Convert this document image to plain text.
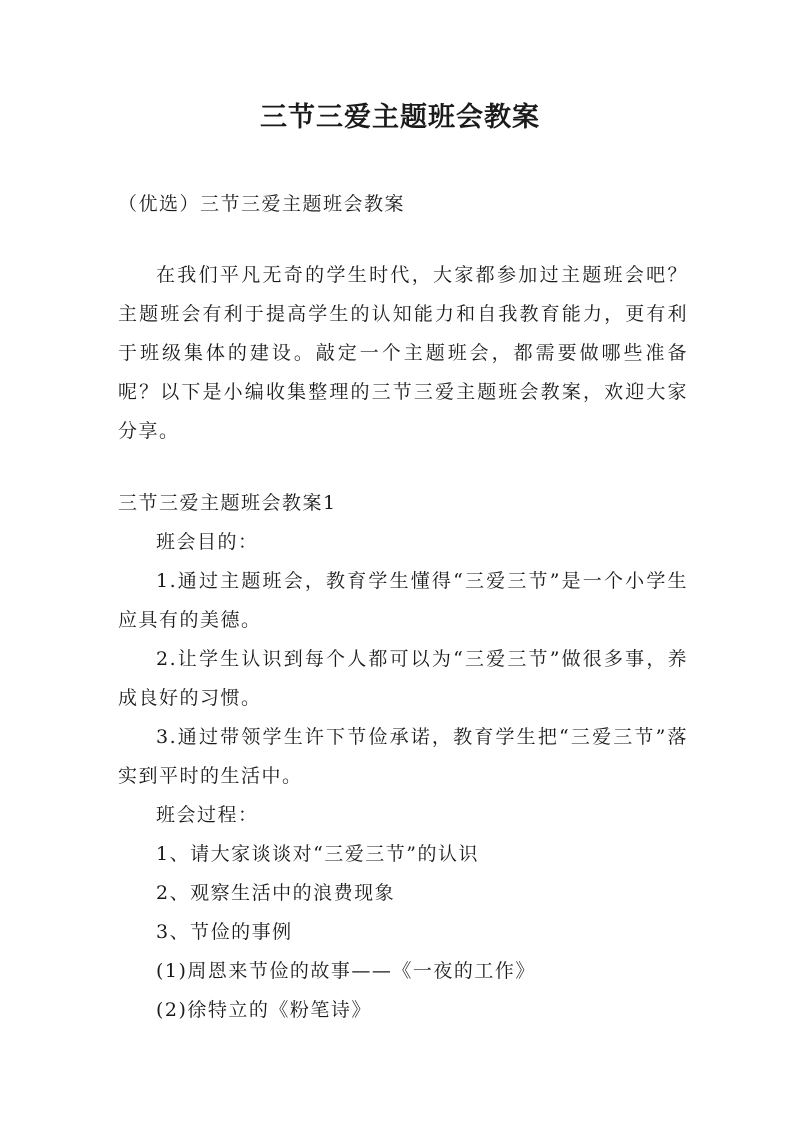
三节三爱主题班会教案
（优选）三节三爱主题班会教案

在我们平凡无奇的学生时代，大家都参加过主题班会吧？主题班会有利于提高学生的认知能力和自我教育能力，更有利于班级集体的建设。敲定一个主题班会，都需要做哪些准备呢？以下是小编收集整理的三节三爱主题班会教案，欢迎大家分享。

三节三爱主题班会教案1

班会目的：

1.通过主题班会，教育学生懂得“三爱三节”是一个小学生应具有的美德。

2.让学生认识到每个人都可以为“三爱三节”做很多事，养成良好的习惯。

3.通过带领学生许下节俭承诺，教育学生把“三爱三节”落实到平时的生活中。

班会过程：

1、请大家谈谈对“三爱三节”的认识

2、观察生活中的浪费现象

3、节俭的事例

(1)周恩来节俭的故事——《一夜的工作》

(2)徐特立的《粉笔诗》
